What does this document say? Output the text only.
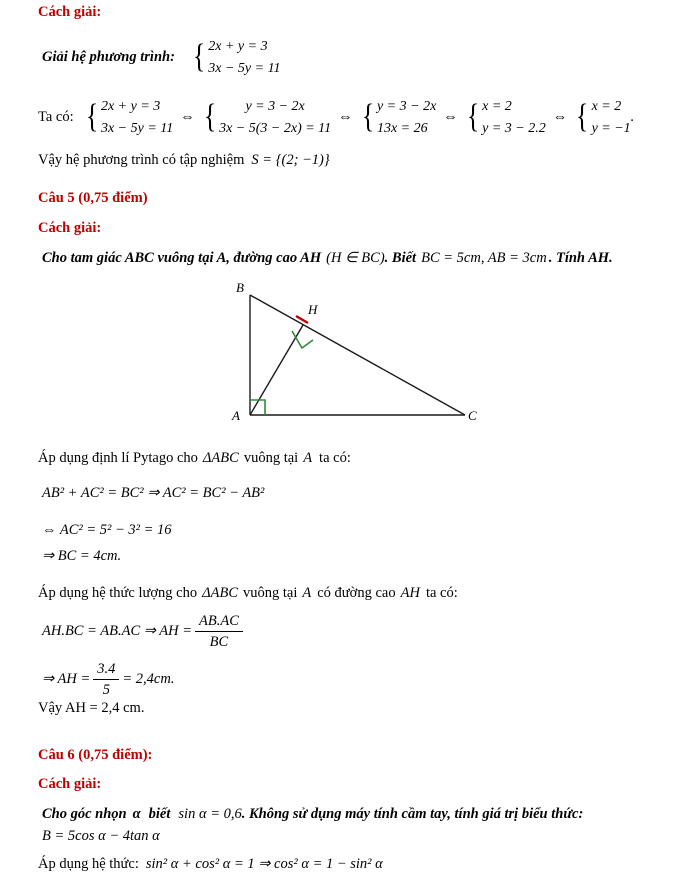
Cách giải:
Giải hệ phương trình: { 2x + y = 3
3x − 5y = 11
Ta có: { 2x + y = 3
3x − 5y = 11
⇔ {	y = 3 − 2x
3x − 5(3 − 2x) = 11
⇔ { y = 3 − 2x
13x = 26
⇔ { x = 2
y = 3 − 2.2
⇔ { x = 2
y = −1
.
Vậy hệ phương trình có tập nghiệm S = {(2; −1)}
Câu 5 (0,75 điểm)
Cách giải:
Cho tam giác ABC vuông tại A, đường cao AH (H ∈ BC) . Biết BC = 5cm, AB = 3cm . Tính AH.
B
H
A	C
Áp dụng định lí Pytago cho ΔABC vuông tại A ta có:
AB² + AC² = BC² ⇒ AC² = BC² − AB²
⇔ AC² = 5² − 3² = 16
⇒ BC = 4cm.
Áp dụng hệ thức lượng cho ΔABC vuông tại A có đường cao AH ta có:
AH.BC = AB.AC ⇒ AH = $\frac{AB.AC}{BC}$
⇒ AH = $\frac{3.4}{5} = 2,4cm$.
Vậy AH = 2,4 cm.
Câu 6 (0,75 điểm):
Cách giải:
Cho góc nhọn α biết sin α = 0,6 . Không sử dụng máy tính cầm tay, tính giá trị biểu thức:
B = 5cos α − 4tan α
Áp dụng hệ thức: sin² α + cos² α = 1 ⇒ cos² α = 1 − sin² α
